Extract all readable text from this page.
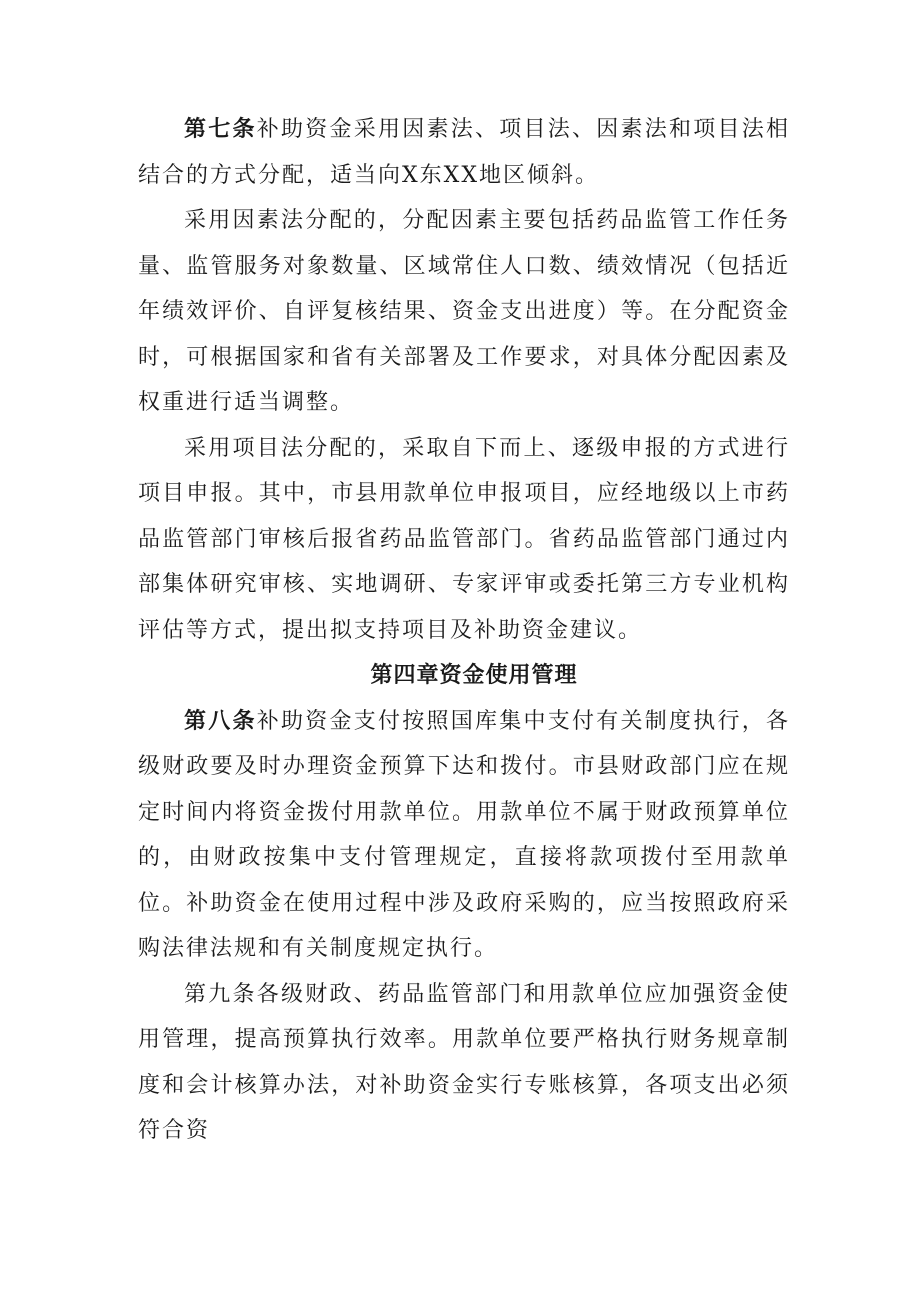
第七条补助资金采用因素法、项目法、因素法和项目法相结合的方式分配，适当向X东XX地区倾斜。

采用因素法分配的，分配因素主要包括药品监管工作任务量、监管服务对象数量、区域常住人口数、绩效情况（包括近年绩效评价、自评复核结果、资金支出进度）等。在分配资金时，可根据国家和省有关部署及工作要求，对具体分配因素及权重进行适当调整。

采用项目法分配的，采取自下而上、逐级申报的方式进行项目申报。其中，市县用款单位申报项目，应经地级以上市药品监管部门审核后报省药品监管部门。省药品监管部门通过内部集体研究审核、实地调研、专家评审或委托第三方专业机构评估等方式，提出拟支持项目及补助资金建议。

第四章资金使用管理

第八条补助资金支付按照国库集中支付有关制度执行，各级财政要及时办理资金预算下达和拨付。市县财政部门应在规定时间内将资金拨付用款单位。用款单位不属于财政预算单位的，由财政按集中支付管理规定，直接将款项拨付至用款单位。补助资金在使用过程中涉及政府采购的，应当按照政府采购法律法规和有关制度规定执行。

第九条各级财政、药品监管部门和用款单位应加强资金使用管理，提高预算执行效率。用款单位要严格执行财务规章制度和会计核算办法，对补助资金实行专账核算，各项支出必须符合资
